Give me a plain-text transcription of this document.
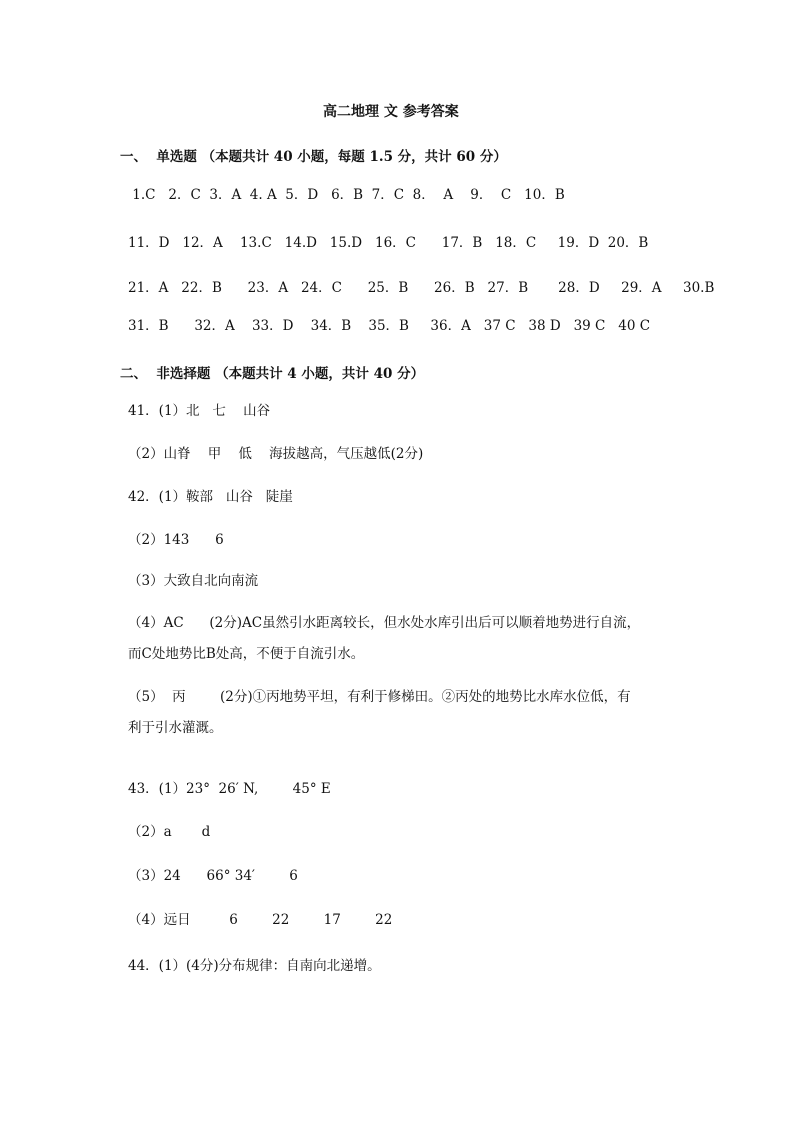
高二地理 文 参考答案
一、  单选题 （本题共计 40 小题，每题 1.5 分，共计 60 分）
1.C   2．C  3．A  4. A  5．D   6．B  7．C  8．  A    9．  C   10．B
11．D   12．A    13.C   14.D   15.D   16．C      17．B   18．C     19．D  20．B
21．A   22．B      23．A   24．C      25．B      26．B   27．B       28．D     29．A     30.B
31．B      32．A    33．D    34．B    35．B     36．A   37 C   38 D   39 C   40 C
二、  非选择题 （本题共计 4 小题，共计 40 分）
41．(1）北   七    山谷
（2）山脊    甲    低    海拔越高，气压越低(2分)
42．(1）鞍部   山谷   陡崖
（2）143      6
（3）大致自北向南流
（4）AC      (2分)AC虽然引水距离较长，但水处水库引出后可以顺着地势进行自流，
而C处地势比B处高，不便于自流引水。
（5）  丙        (2分)①丙地势平坦，有利于修梯田。②丙处的地势比水库水位低，有
利于引水灌溉。
43．(1）23°  26′ N,        45° E
（2）a       d
（3）24      66° 34′        6
（4）远日         6        22        17        22
44．(1）(4分)分布规律：自南向北递增。
